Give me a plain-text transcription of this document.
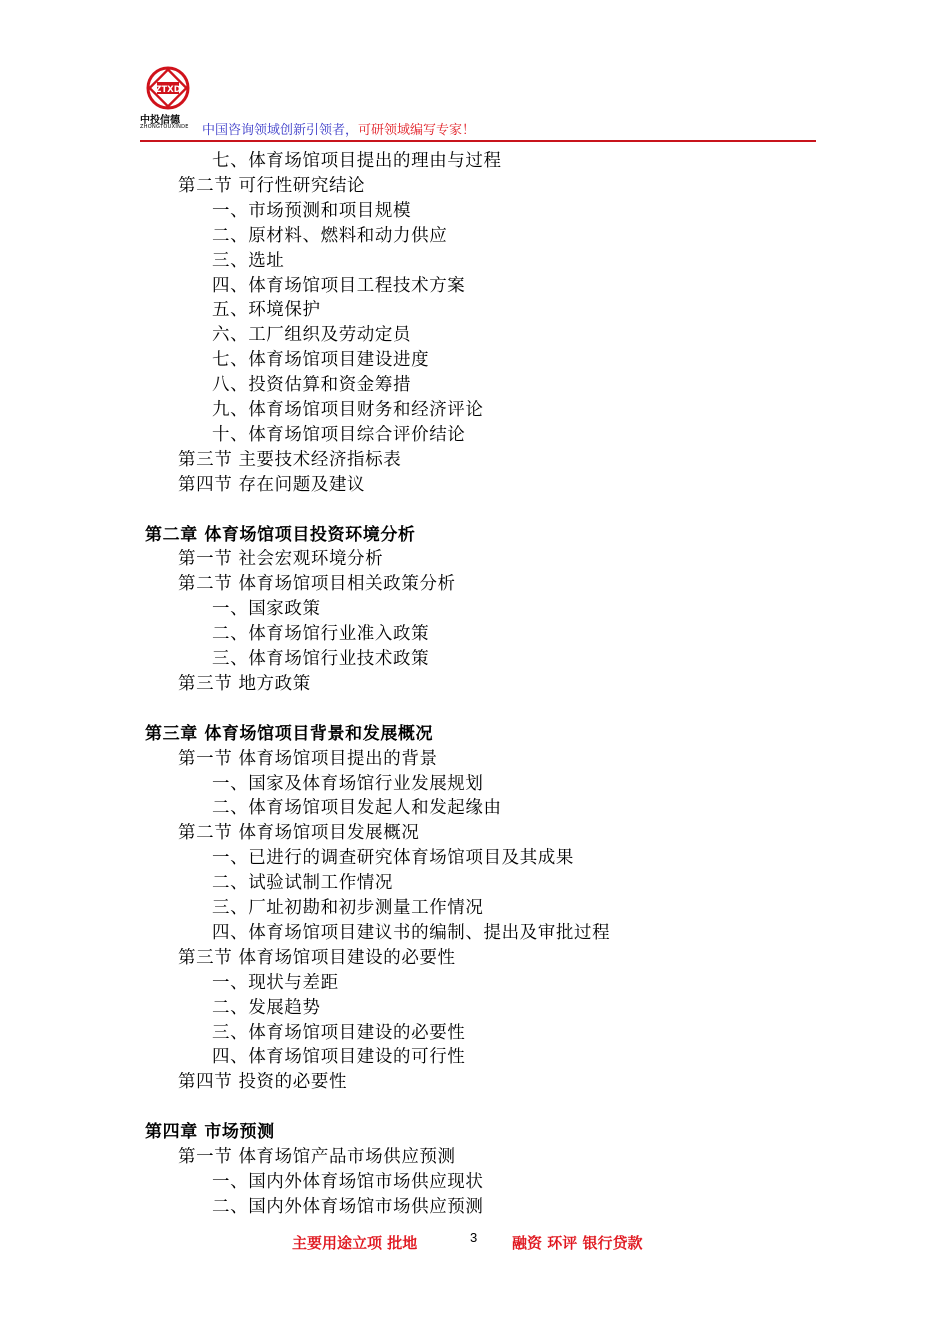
ZTXD
中投信德
ZHONGTOUXINDE 中国咨询领域创新引领者，可研领域编写专家！
七、体育场馆项目提出的理由与过程
第二节 可行性研究结论
一、市场预测和项目规模
二、原材料、燃料和动力供应
三、选址
四、体育场馆项目工程技术方案
五、环境保护
六、工厂组织及劳动定员
七、体育场馆项目建设进度
八、投资估算和资金筹措
九、体育场馆项目财务和经济评论
十、体育场馆项目综合评价结论
第三节 主要技术经济指标表
第四节 存在问题及建议
第二章 体育场馆项目投资环境分析
第一节 社会宏观环境分析
第二节 体育场馆项目相关政策分析
一、国家政策
二、体育场馆行业准入政策
三、体育场馆行业技术政策
第三节 地方政策
第三章 体育场馆项目背景和发展概况
第一节 体育场馆项目提出的背景
一、国家及体育场馆行业发展规划
二、体育场馆项目发起人和发起缘由
第二节 体育场馆项目发展概况
一、已进行的调查研究体育场馆项目及其成果
二、试验试制工作情况
三、厂址初勘和初步测量工作情况
四、体育场馆项目建议书的编制、提出及审批过程
第三节 体育场馆项目建设的必要性
一、现状与差距
二、发展趋势
三、体育场馆项目建设的必要性
四、体育场馆项目建设的可行性
第四节 投资的必要性
第四章 市场预测
第一节 体育场馆产品市场供应预测
一、国内外体育场馆市场供应现状
二、国内外体育场馆市场供应预测
主要用途立项 批地	3 融资 环评 银行贷款
